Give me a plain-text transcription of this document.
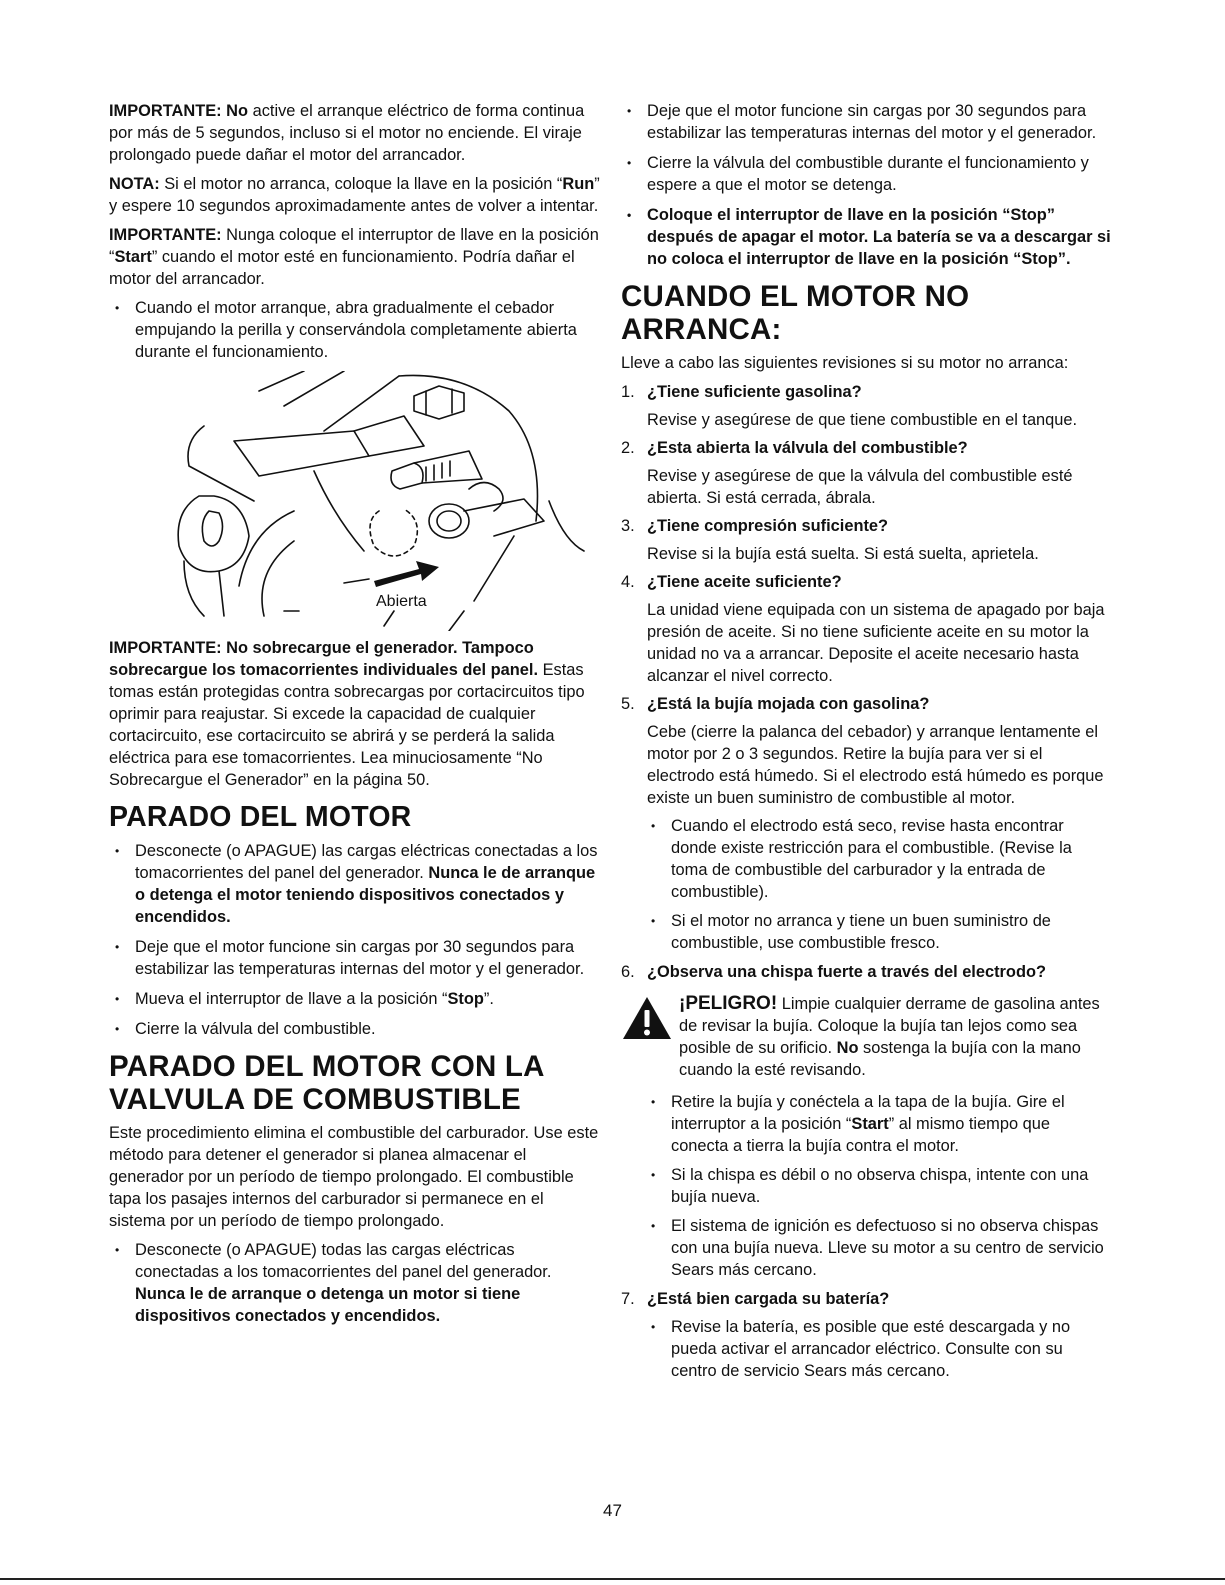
IMPORTANTE: No active el arranque eléctrico de forma continua por más de 5 segundos, incluso si el motor no enciende. El viraje prolongado puede dañar el motor del arrancador.

NOTA: Si el motor no arranca, coloque la llave en la posición “Run” y espere 10 segundos aproximadamente antes de volver a intentar.

IMPORTANTE: Nunga coloque el interruptor de llave en la posición “Start” cuando el motor esté en funcionamiento. Podría dañar el motor del arrancador.

• Cuando el motor arranque, abra gradualmente el cebador empujando la perilla y conservándola completamente abierta durante el funcionamiento.
Abierta

IMPORTANTE: No sobrecargue el generador. Tampoco sobrecargue los tomacorrientes individuales del panel. Estas tomas están protegidas contra sobrecargas por cortacircuitos tipo oprimir para reajustar. Si excede la capacidad de cualquier cortacircuito, ese cortacircuito se abrirá y se perderá la salida eléctrica para ese tomacorrientes. Lea minuciosamente “No Sobrecargue el Generador” en la página 50.

PARADO DEL MOTOR
• Desconecte (o APAGUE) las cargas eléctricas conectadas a los tomacorrientes del panel del generador. Nunca le de arranque o detenga el motor teniendo dispositivos conectados y encendidos.
• Deje que el motor funcione sin cargas por 30 segundos para estabilizar las temperaturas internas del motor y el generador.
• Mueva el interruptor de llave a la posición “Stop”.
• Cierre la válvula del combustible.
PARADO DEL MOTOR CON LA VALVULA DE COMBUSTIBLE

Este procedimiento elimina el combustible del carburador. Use este método para detener el generador si planea almacenar el generador por un período de tiempo prolongado. El combustible tapa los pasajes internos del carburador si permanece en el sistema por un período de tiempo prolongado.

• Desconecte (o APAGUE) todas las cargas eléctricas conectadas a los tomacorrientes del panel del generador. Nunca le de arranque o detenga un motor si tiene dispositivos conectados y encendidos.
• Deje que el motor funcione sin cargas por 30 segundos para estabilizar las temperaturas internas del motor y el generador.
• Cierre la válvula del combustible durante el funcionamiento y espere a que el motor se detenga.
• Coloque el interruptor de llave en la posición “Stop” después de apagar el motor. La batería se va a descargar si no coloca el interruptor de llave en la posición “Stop”.
CUANDO EL MOTOR NO ARRANCA:

Lleve a cabo las siguientes revisiones si su motor no arranca:

1. ¿Tiene suficiente gasolina?

Revise y asegúrese de que tiene combustible en el tanque.

2. ¿Esta abierta la válvula del combustible?

Revise y asegúrese de que la válvula del combustible esté abierta. Si está cerrada, ábrala.

3. ¿Tiene compresión suficiente?

Revise si la bujía está suelta. Si está suelta, aprietela.

4. ¿Tiene aceite suficiente?

La unidad viene equipada con un sistema de apagado por baja presión de aceite. Si no tiene suficiente aceite en su motor la unidad no va a arrancar. Deposite el aceite necesario hasta alcanzar el nivel correcto.

5. ¿Está la bujía mojada con gasolina?

Cebe (cierre la palanca del cebador) y arranque lentamente el motor por 2 o 3 segundos. Retire la bujía para ver si el electrodo está húmedo. Si el electrodo está húmedo es porque existe un buen suministro de combustible al motor.

• Cuando el electrodo está seco, revise hasta encontrar donde existe restricción para el combustible. (Revise la toma de combustible del carburador y la entrada de combustible).
• Si el motor no arranca y tiene un buen suministro de combustible, use combustible fresco.
6. ¿Observa una chispa fuerte a través del electrodo?
¡PELIGRO! Limpie cualquier derrame de gasolina antes de revisar la bujía. Coloque la bujía tan lejos como sea posible de su orificio. No sostenga la bujía con la mano cuando la esté revisando.
• Retire la bujía y conéctela a la tapa de la bujía. Gire el interruptor a la posición “Start” al mismo tiempo que conecta a tierra la bujía contra el motor.
• Si la chispa es débil o no observa chispa, intente con una bujía nueva.
• El sistema de ignición es defectuoso si no observa chispas con una bujía nueva. Lleve su motor a su centro de servicio Sears más cercano.
7. ¿Está bien cargada su batería?
• Revise la batería, es posible que esté descargada y no pueda activar el arrancador eléctrico. Consulte con su centro de servicio Sears más cercano.
47
